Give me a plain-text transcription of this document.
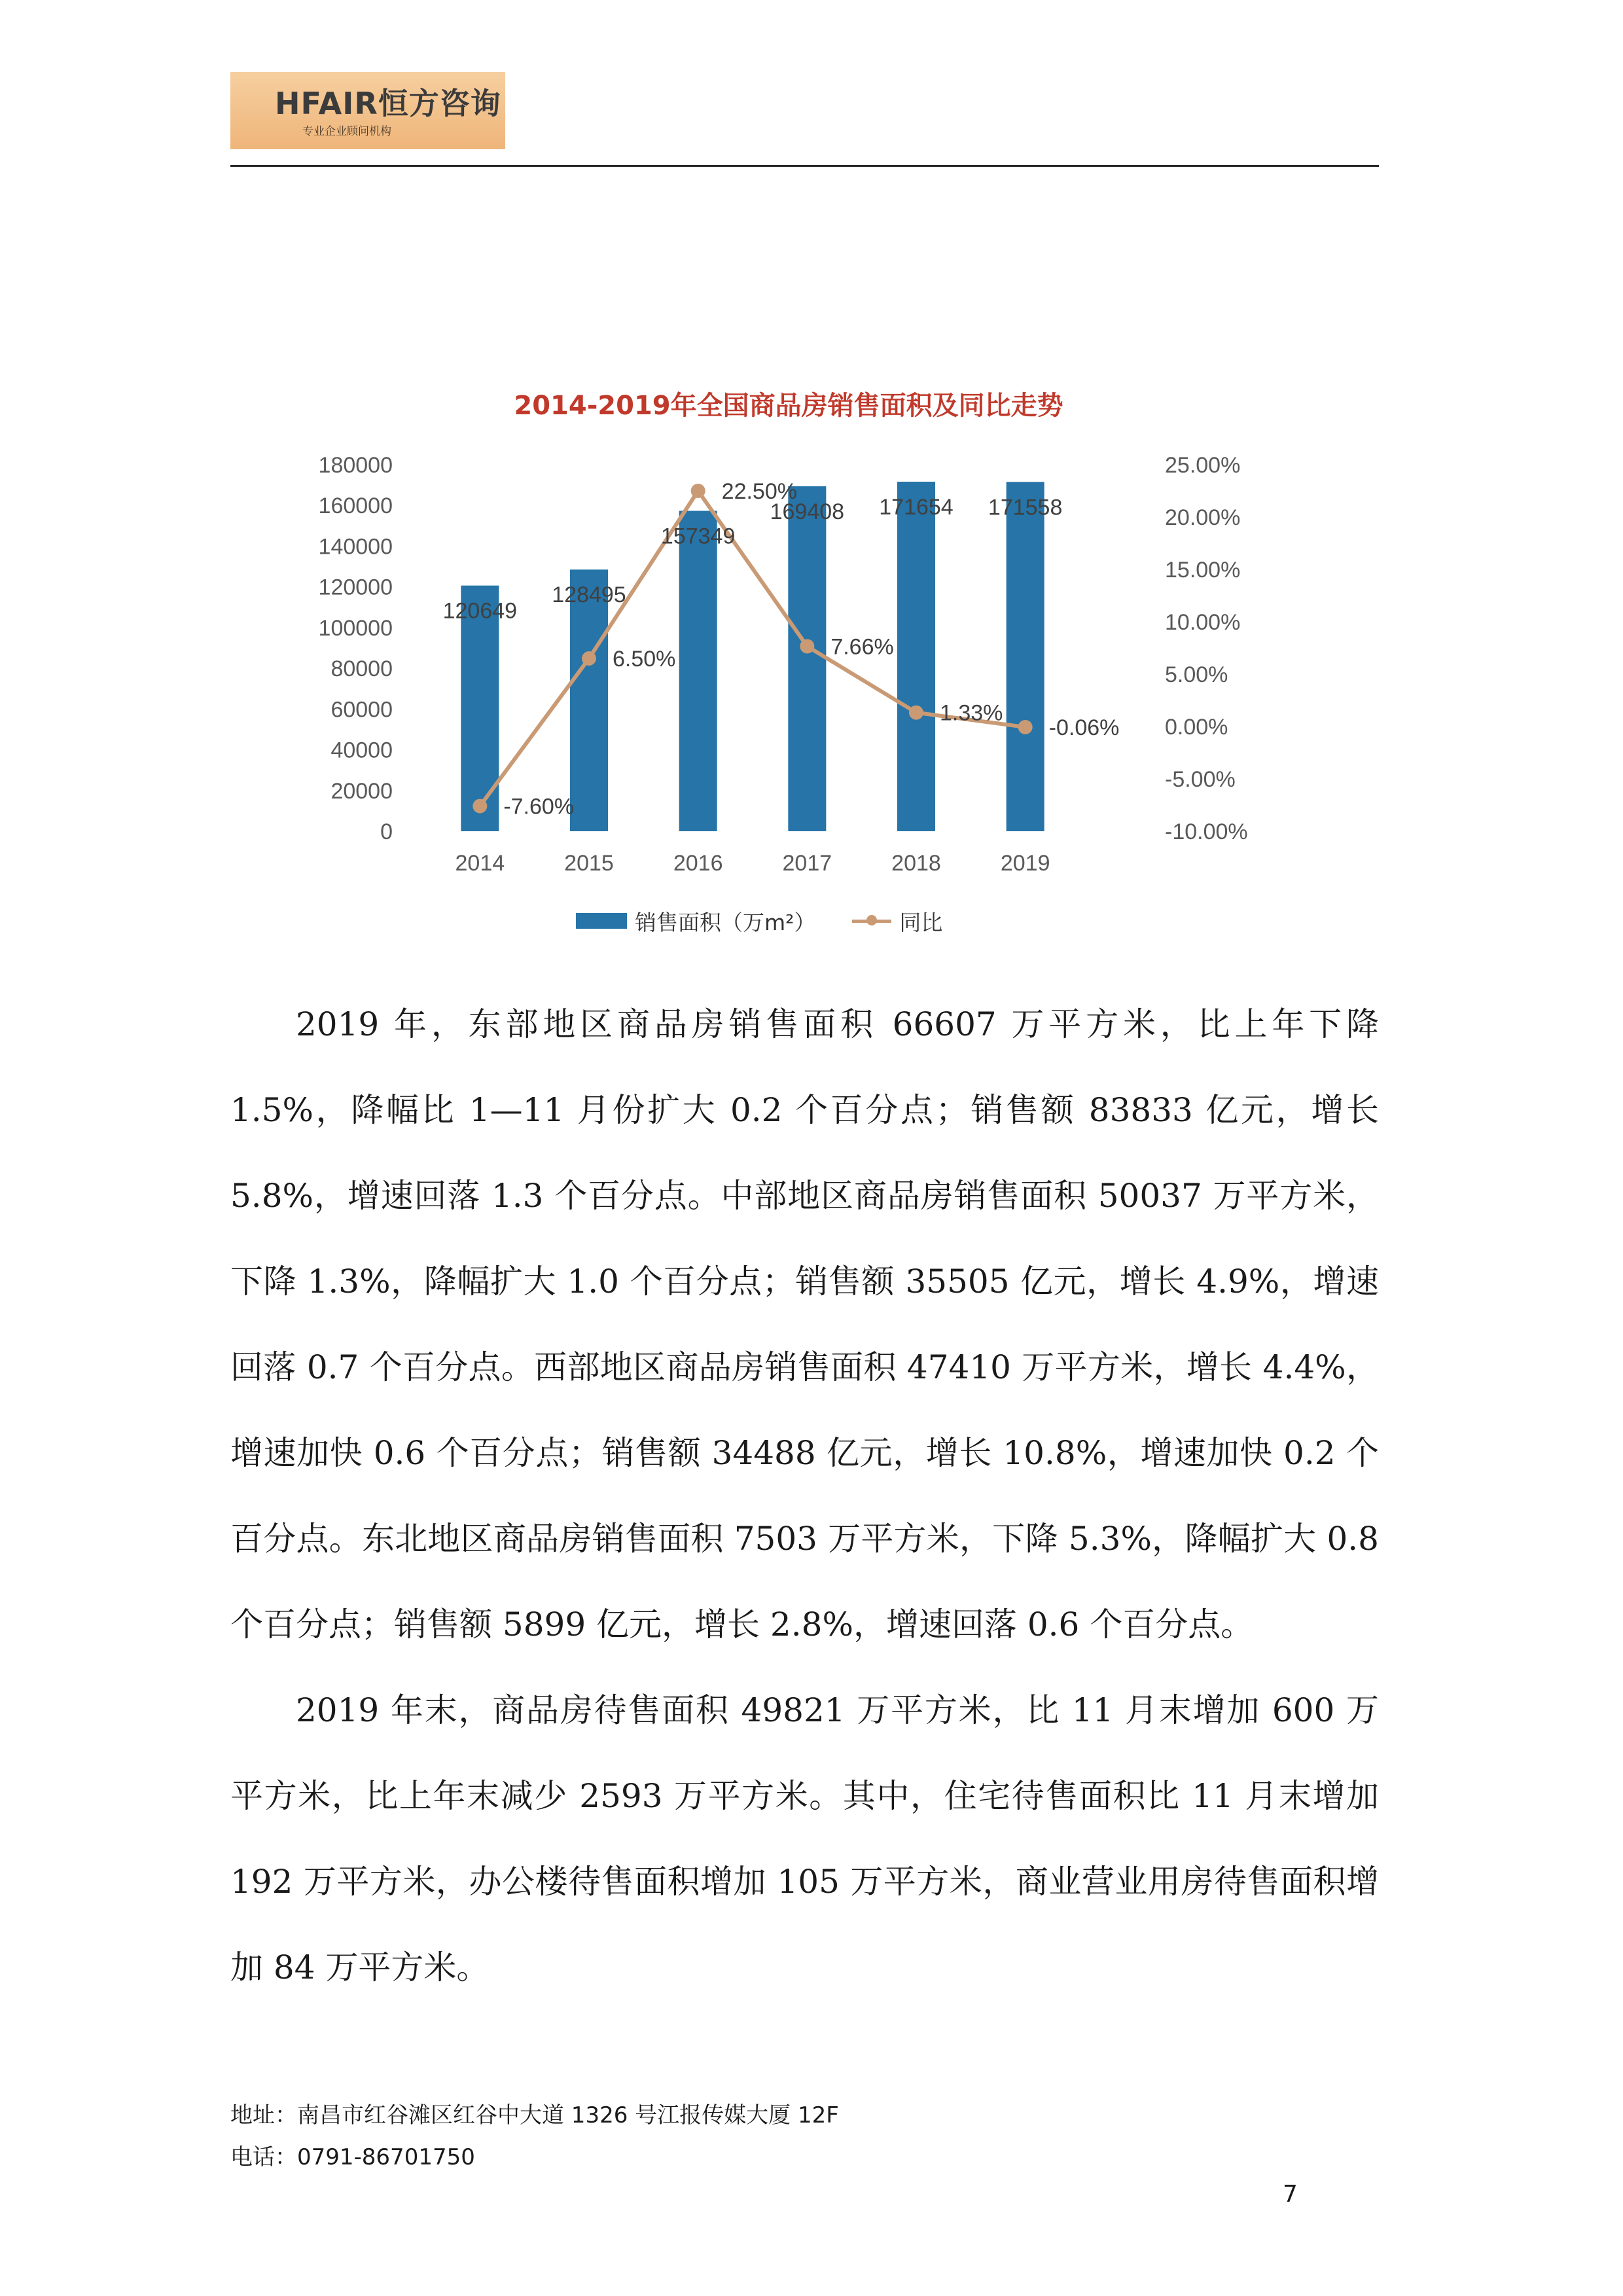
HFAIR恒方咨询
专业企业顾问机构
2014-2019年全国商品房销售面积及同比走势
180000
160000
140000
120000
100000
80000
60000
40000
20000
0
25.00%
20.00%
15.00%
10.00%
5.00%
0.00%
-5.00%
-10.00%
2014	2015	2016	2017	2018	2019
120649
128495
157349
169408 171654 171558
-7.60%
6.50%
22.50%
7.66%
1.33%
-0.06%
销售面积（万m²）	同比

2019 年，东部地区商品房销售面积 66607 万平方米，比上年下降 1.5%，降幅比 1—11 月份扩大 0.2 个百分点；销售额 83833 亿元，增长 5.8%，增速回落 1.3 个百分点。中部地区商品房销售面积 50037 万平方米，下降 1.3%，降幅扩大 1.0 个百分点；销售额 35505 亿元，增长 4.9%，增速回落 0.7 个百分点。西部地区商品房销售面积 47410 万平方米，增长 4.4%，增速加快 0.6 个百分点；销售额 34488 亿元，增长 10.8%，增速加快 0.2 个百分点。东北地区商品房销售面积 7503 万平方米，下降 5.3%，降幅扩大 0.8 个百分点；销售额 5899 亿元，增长 2.8%，增速回落 0.6 个百分点。

2019 年末，商品房待售面积 49821 万平方米，比 11 月末增加 600 万平方米，比上年末减少 2593 万平方米。其中，住宅待售面积比 11 月末增加 192 万平方米，办公楼待售面积增加 105 万平方米，商业营业用房待售面积增加 84 万平方米。

地址：南昌市红谷滩区红谷中大道 1326 号江报传媒大厦 12F
电话：0791-86701750
7
